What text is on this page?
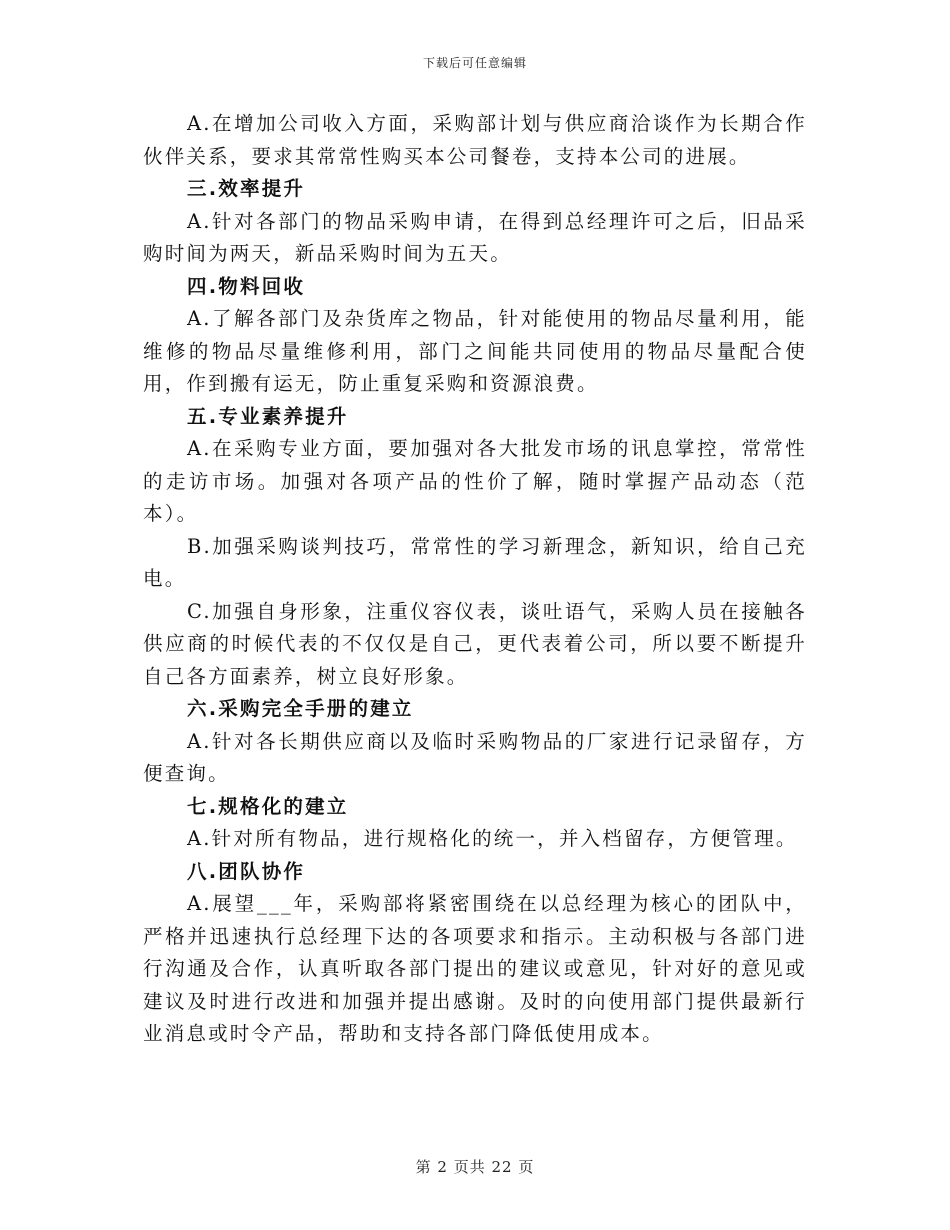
下载后可任意编辑

A.在增加公司收入方面，采购部计划与供应商洽谈作为长期合作伙伴关系，要求其常常性购买本公司餐卷，支持本公司的进展。

三.效率提升

A.针对各部门的物品采购申请，在得到总经理许可之后，旧品采购时间为两天，新品采购时间为五天。

四.物料回收

A.了解各部门及杂货库之物品，针对能使用的物品尽量利用，能维修的物品尽量维修利用，部门之间能共同使用的物品尽量配合使用，作到搬有运无，防止重复采购和资源浪费。

五.专业素养提升

A.在采购专业方面，要加强对各大批发市场的讯息掌控，常常性的走访市场。加强对各项产品的性价了解，随时掌握产品动态（范本）。

B.加强采购谈判技巧，常常性的学习新理念，新知识，给自己充电。

C.加强自身形象，注重仪容仪表，谈吐语气，采购人员在接触各供应商的时候代表的不仅仅是自己，更代表着公司，所以要不断提升自己各方面素养，树立良好形象。

六.采购完全手册的建立

A.针对各长期供应商以及临时采购物品的厂家进行记录留存，方便查询。

七.规格化的建立

A.针对所有物品，进行规格化的统一，并入档留存，方便管理。

八.团队协作

A.展望___年，采购部将紧密围绕在以总经理为核心的团队中，严格并迅速执行总经理下达的各项要求和指示。主动积极与各部门进行沟通及合作，认真听取各部门提出的建议或意见，针对好的意见或建议及时进行改进和加强并提出感谢。及时的向使用部门提供最新行业消息或时令产品，帮助和支持各部门降低使用成本。

第 2 页共 22 页
